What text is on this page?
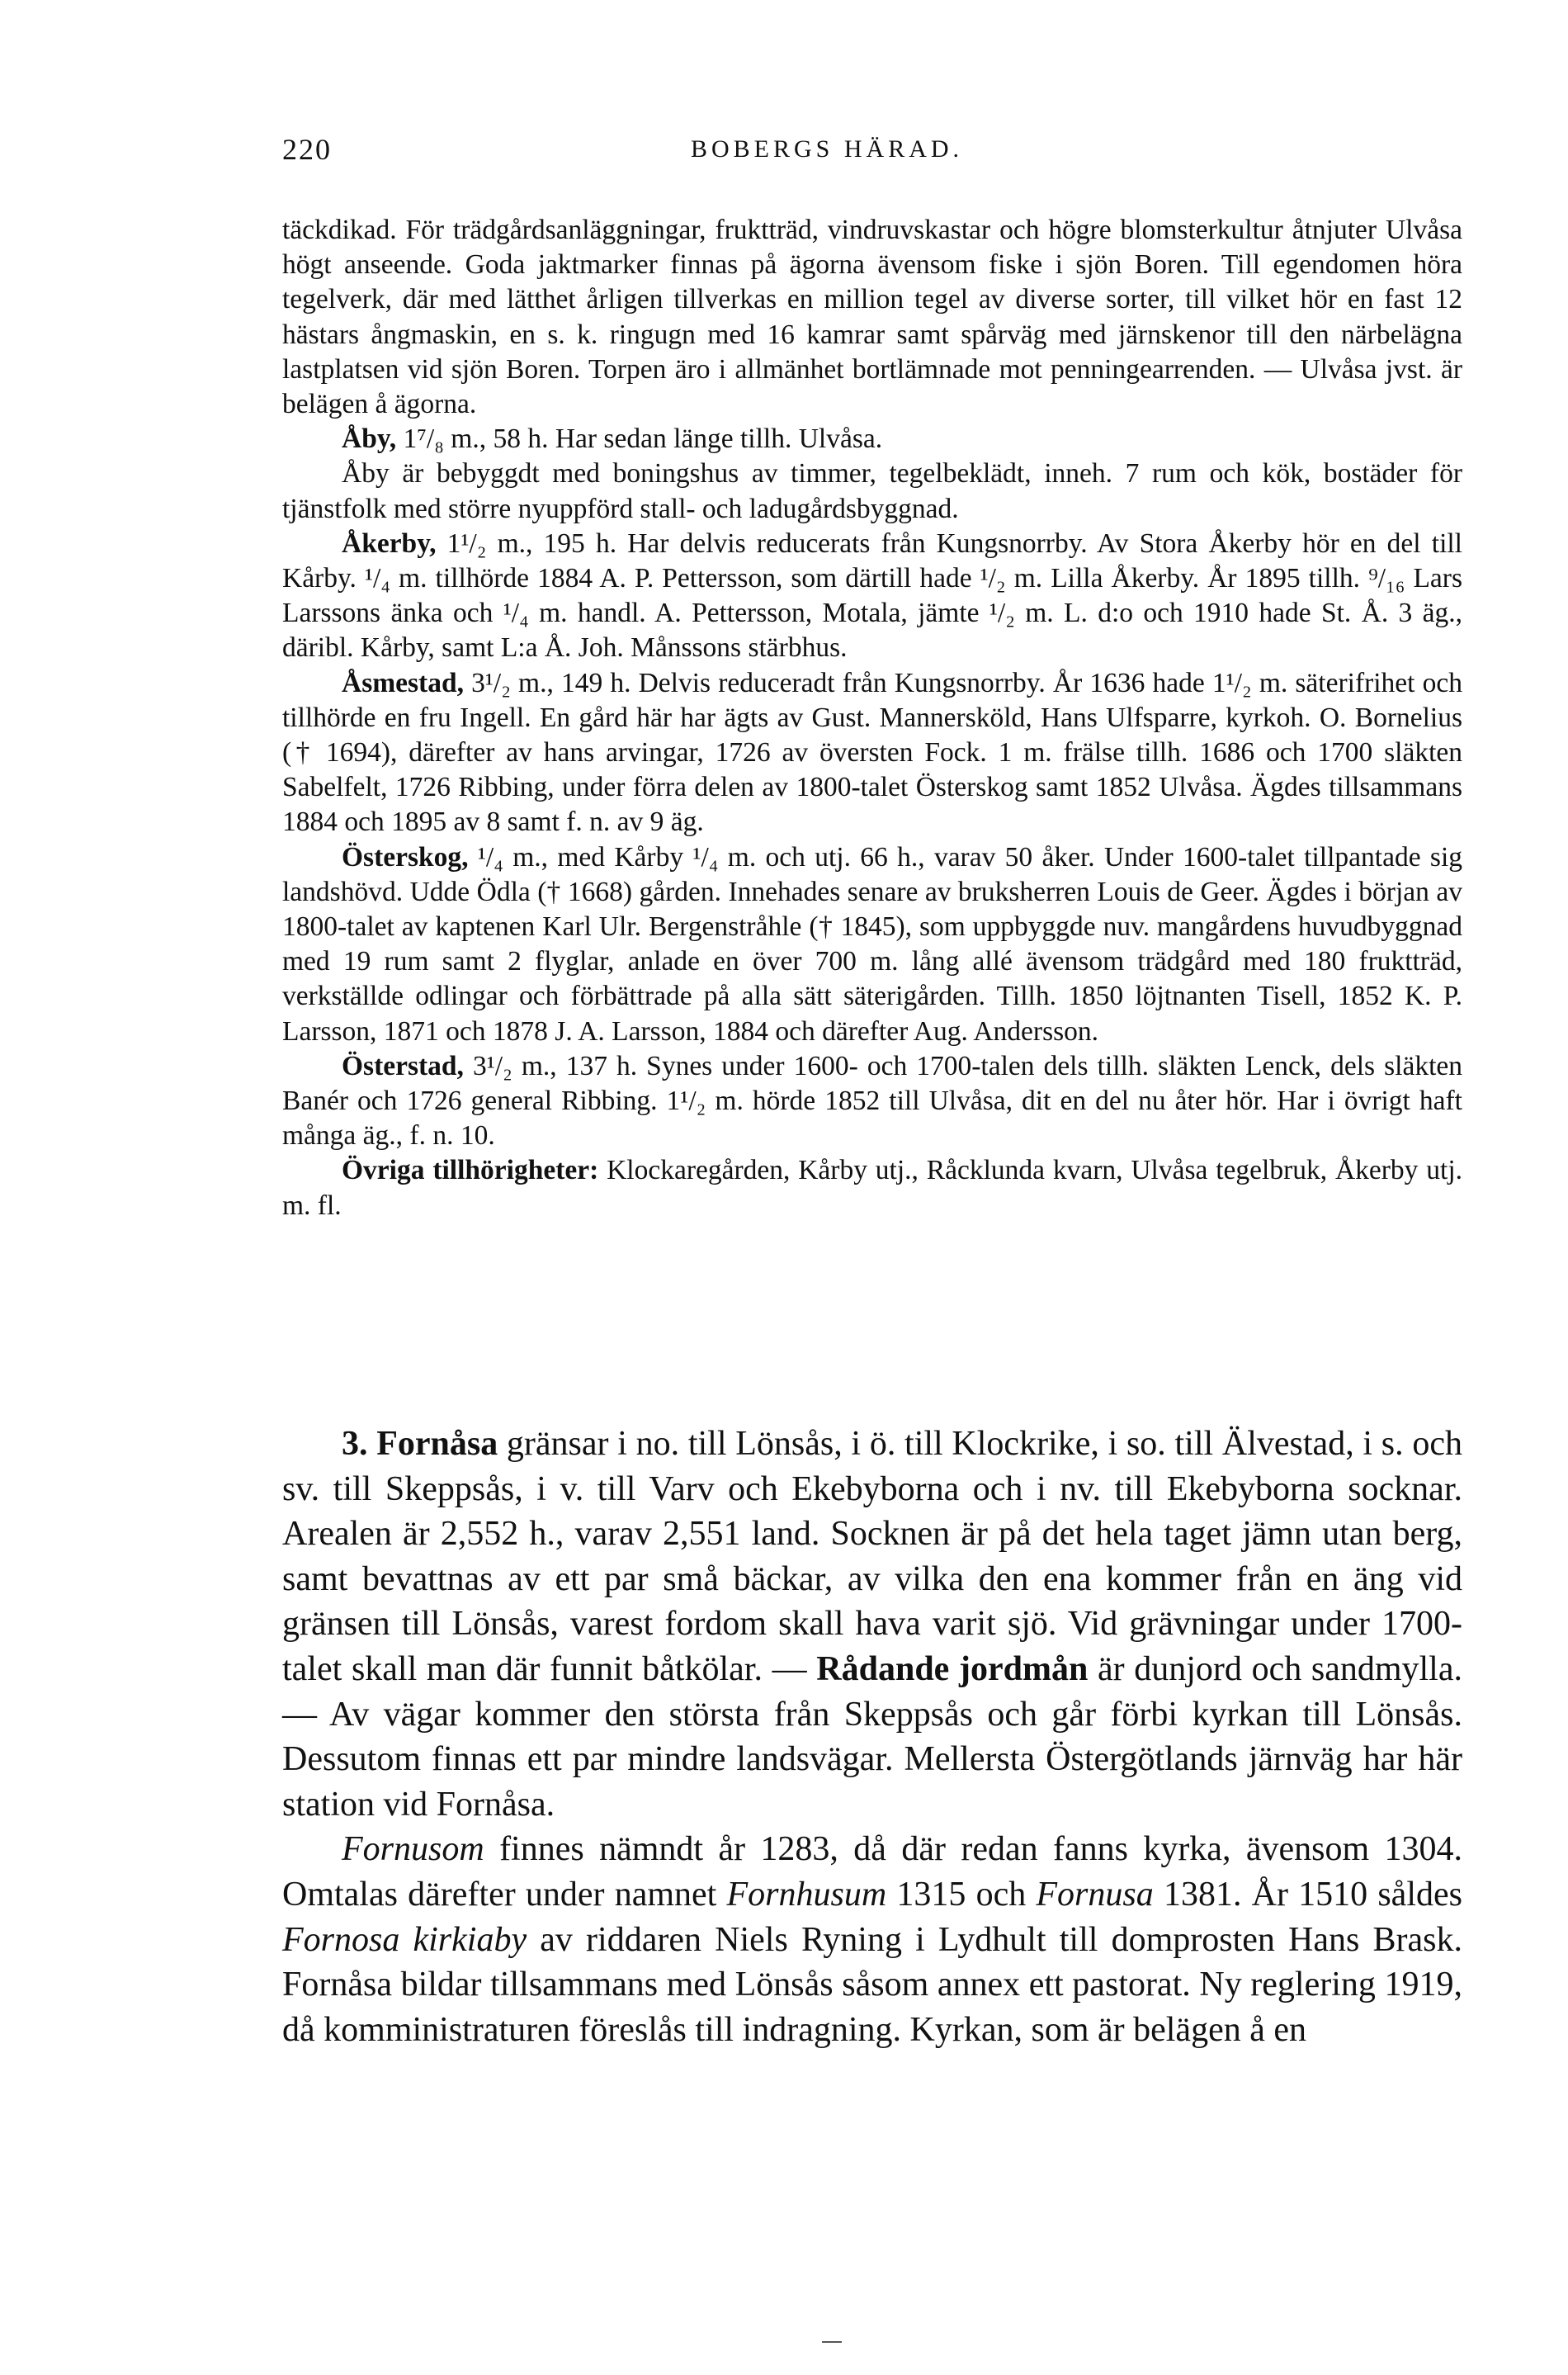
220	BOBERGS HÄRAD.

täckdikad. För trädgårdsanläggningar, fruktträd, vindruvskastar och högre blomsterkultur åtnjuter Ulvåsa högt anseende. Goda jaktmarker finnas på ägorna ävensom fiske i sjön Boren. Till egendomen höra tegelverk, där med lätthet årligen tillverkas en million tegel av diverse sorter, till vilket hör en fast 12 hästars ångmaskin, en s. k. ringugn med 16 kamrar samt spårväg med järnskenor till den närbelägna lastplatsen vid sjön Boren. Torpen äro i allmänhet bortlämnade mot penningearrenden. — Ulvåsa jvst. är belägen å ägorna.

Åby, 1⁷/₈ m., 58 h. Har sedan länge tillh. Ulvåsa.

Åby är bebyggdt med boningshus av timmer, tegelbeklädt, inneh. 7 rum och kök, bostäder för tjänstfolk med större nyuppförd stall- och ladugårdsbyggnad.

Åkerby, 1¹/₂ m., 195 h. Har delvis reducerats från Kungsnorrby. Av Stora Åkerby hör en del till Kårby. ¹/₄ m. tillhörde 1884 A. P. Pettersson, som därtill hade ¹/₂ m. Lilla Åkerby. År 1895 tillh. ⁹/₁₆ Lars Larssons änka och ¹/₄ m. handl. A. Pettersson, Motala, jämte ¹/₂ m. L. d:o och 1910 hade St. Å. 3 äg., däribl. Kårby, samt L:a Å. Joh. Månssons stärbhus.

Åsmestad, 3¹/₂ m., 149 h. Delvis reduceradt från Kungsnorrby. År 1636 hade 1¹/₂ m. säterifrihet och tillhörde en fru Ingell. En gård här har ägts av Gust. Mannersköld, Hans Ulfsparre, kyrkoh. O. Bornelius († 1694), därefter av hans arvingar, 1726 av översten Fock. 1 m. frälse tillh. 1686 och 1700 släkten Sabelfelt, 1726 Ribbing, under förra delen av 1800-talet Österskog samt 1852 Ulvåsa. Ägdes tillsammans 1884 och 1895 av 8 samt f. n. av 9 äg.

Österskog, ¹/₄ m., med Kårby ¹/₄ m. och utj. 66 h., varav 50 åker. Under 1600-talet tillpantade sig landshövd. Udde Ödla († 1668) gården. Innehades senare av bruksherren Louis de Geer. Ägdes i början av 1800-talet av kaptenen Karl Ulr. Bergenstråhle († 1845), som uppbyggde nuv. mangårdens huvudbyggnad med 19 rum samt 2 flyglar, anlade en över 700 m. lång allé ävensom trädgård med 180 fruktträd, verkställde odlingar och förbättrade på alla sätt säterigården. Tillh. 1850 löjtnanten Tisell, 1852 K. P. Larsson, 1871 och 1878 J. A. Larsson, 1884 och därefter Aug. Andersson.

Österstad, 3¹/₂ m., 137 h. Synes under 1600- och 1700-talen dels tillh. släkten Lenck, dels släkten Banér och 1726 general Ribbing. 1¹/₂ m. hörde 1852 till Ulvåsa, dit en del nu åter hör. Har i övrigt haft många äg., f. n. 10.

Övriga tillhörigheter: Klockaregården, Kårby utj., Råcklunda kvarn, Ulvåsa tegelbruk, Åkerby utj. m. fl.

3. Fornåsa gränsar i no. till Lönsås, i ö. till Klockrike, i so. till Älvestad, i s. och sv. till Skeppsås, i v. till Varv och Ekebyborna och i nv. till Ekebyborna socknar. Arealen är 2,552 h., varav 2,551 land. Socknen är på det hela taget jämn utan berg, samt bevattnas av ett par små bäckar, av vilka den ena kommer från en äng vid gränsen till Lönsås, varest fordom skall hava varit sjö. Vid grävningar under 1700-talet skall man där funnit båtkölar. — Rådande jordmån är dunjord och sandmylla. — Av vägar kommer den största från Skeppsås och går förbi kyrkan till Lönsås. Dessutom finnas ett par mindre landsvägar. Mellersta Östergötlands järnväg har här station vid Fornåsa.

Fornusom finnes nämndt år 1283, då där redan fanns kyrka, ävensom 1304. Omtalas därefter under namnet Fornhusum 1315 och Fornusa 1381. År 1510 såldes Fornosa kirkiaby av riddaren Niels Ryning i Lydhult till domprosten Hans Brask. Fornåsa bildar tillsammans med Lönsås såsom annex ett pastorat. Ny reglering 1919, då komministraturen föreslås till indragning. Kyrkan, som är belägen å en
